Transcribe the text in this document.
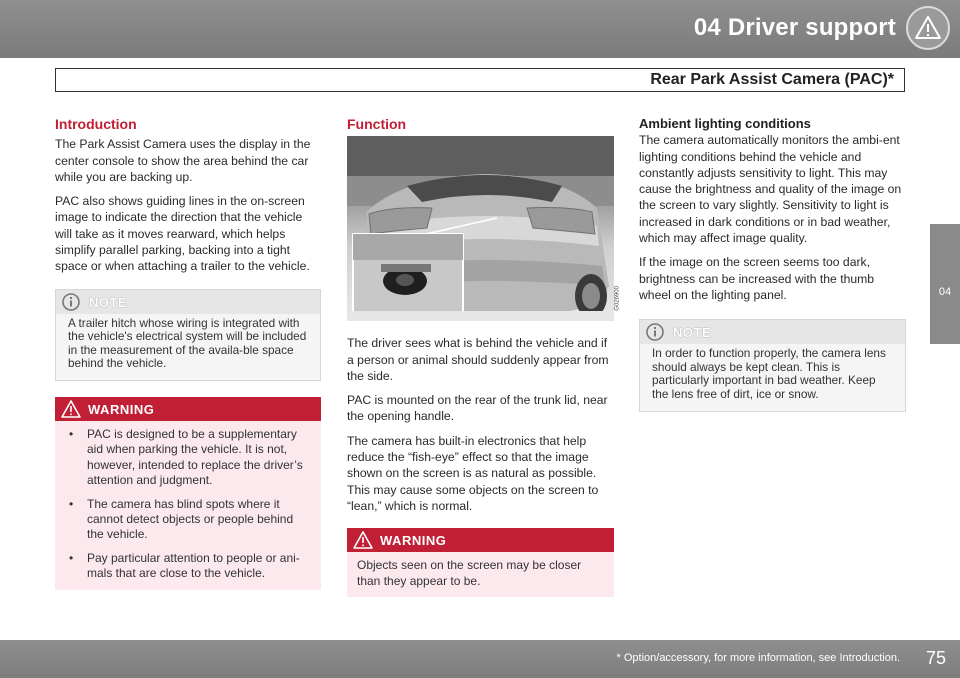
04 Driver support
Rear Park Assist Camera (PAC)*
04
Introduction

The Park Assist Camera uses the display in the center console to show the area behind the car while you are backing up.

PAC also shows guiding lines in the on-screen image to indicate the direction that the vehicle will take as it moves rearward, which helps simplify parallel parking, backing into a tight space or when attaching a trailer to the vehicle.

NOTE
A trailer hitch whose wiring is integrated with the vehicle's electrical system will be included in the measurement of the availa-ble space behind the vehicle.
WARNING
• PAC is designed to be a supplementary aid when parking the vehicle. It is not, however, intended to replace the driver’s attention and judgment.
• The camera has blind spots where it cannot detect objects or people behind the vehicle.
• Pay particular attention to people or ani-mals that are close to the vehicle.
Function
G026900

The driver sees what is behind the vehicle and if a person or animal should suddenly appear from the side.

PAC is mounted on the rear of the trunk lid, near the opening handle.

The camera has built-in electronics that help reduce the “fish-eye” effect so that the image shown on the screen is as natural as possible. This may cause some objects on the screen to “lean,” which is normal.

WARNING
Objects seen on the screen may be closer than they appear to be.
Ambient lighting conditions

The camera automatically monitors the ambi-ent lighting conditions behind the vehicle and constantly adjusts sensitivity to light. This may cause the brightness and quality of the image on the screen to vary slightly. Sensitivity to light is increased in dark conditions or in bad weather, which may affect image quality.

If the image on the screen seems too dark, brightness can be increased with the thumb wheel on the lighting panel.

NOTE
In order to function properly, the camera lens should always be kept clean. This is particularly important in bad weather. Keep the lens free of dirt, ice or snow.
* Option/accessory, for more information, see Introduction. 75
